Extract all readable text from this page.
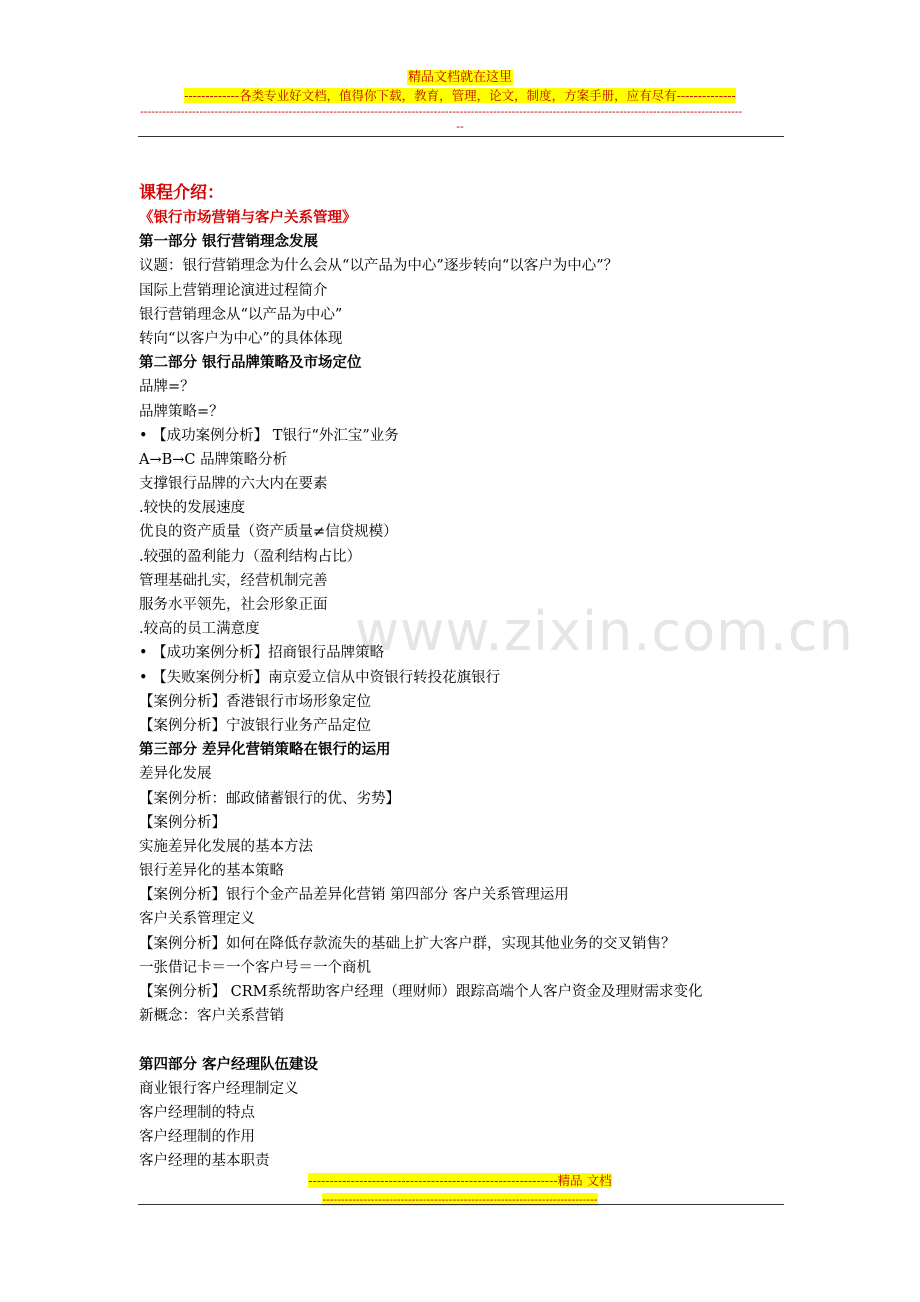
精品文档就在这里
-------------各类专业好文档，值得你下载，教育，管理，论文，制度，方案手册，应有尽有--------------
------------------------------------------------------------------------------------------------------------------------------------------------------------------
--
www.zixin.com.cn
课程介绍：
《银行市场营销与客户关系管理》
第一部分 银行营销理念发展
议题：银行营销理念为什么会从“以产品为中心”逐步转向“以客户为中心”？
国际上营销理论演进过程简介
银行营销理念从“以产品为中心”
转向“以客户为中心”的具体体现
第二部分 银行品牌策略及市场定位
品牌=？
品牌策略=？
• 【成功案例分析】 T银行“外汇宝”业务
A→B→C 品牌策略分析
支撑银行品牌的六大内在要素
.较快的发展速度
优良的资产质量（资产质量≠信贷规模）
.较强的盈利能力（盈利结构占比）
管理基础扎实，经营机制完善
服务水平领先，社会形象正面
.较高的员工满意度
• 【成功案例分析】招商银行品牌策略
• 【失败案例分析】南京爱立信从中资银行转投花旗银行
【案例分析】香港银行市场形象定位
【案例分析】宁波银行业务产品定位
第三部分 差异化营销策略在银行的运用
差异化发展
【案例分析：邮政储蓄银行的优、劣势】
【案例分析】
实施差异化发展的基本方法
银行差异化的基本策略
【案例分析】银行个金产品差异化营销 第四部分 客户关系管理运用
客户关系管理定义
【案例分析】如何在降低存款流失的基础上扩大客户群，实现其他业务的交叉销售？
一张借记卡＝一个客户号＝一个商机
【案例分析】 CRM系统帮助客户经理（理财师）跟踪高端个人客户资金及理财需求变化
新概念：客户关系营销
第四部分 客户经理队伍建设
商业银行客户经理制定义
客户经理制的特点
客户经理制的作用
客户经理的基本职责
-----------------------------------------------------------精品 文档
--------------------------------------------------------------------------
